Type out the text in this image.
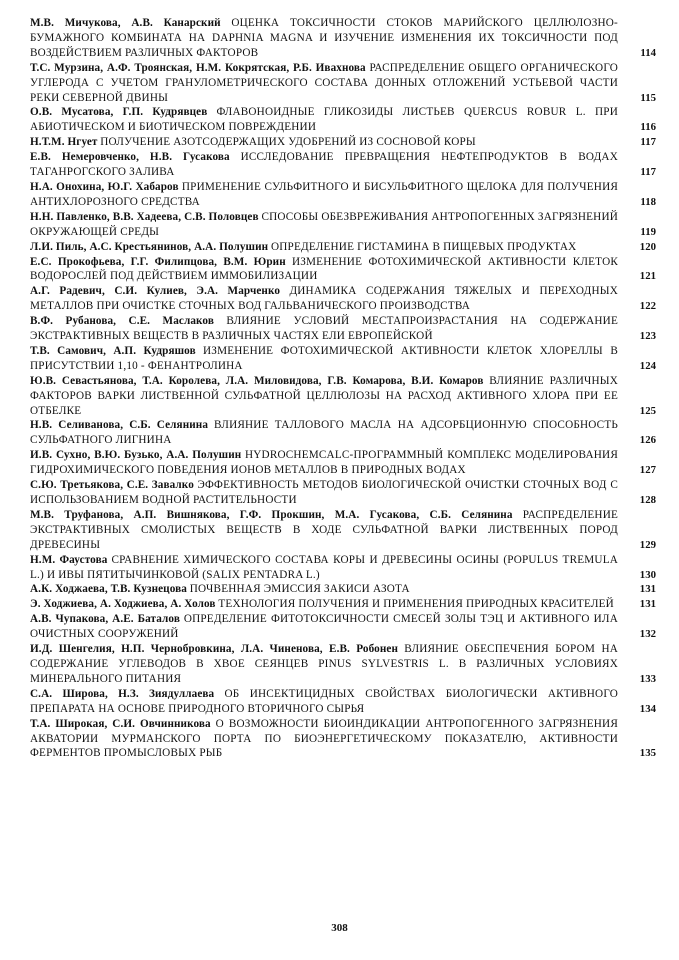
М.В. Мичукова, А.В. Канарский ОЦЕНКА ТОКСИЧНОСТИ СТОКОВ МАРИЙСКОГО ЦЕЛЛЮЛОЗНО-БУМАЖНОГО КОМБИНАТА НА DAPHNIA MAGNA И ИЗУЧЕНИЕ ИЗМЕНЕНИЯ ИХ ТОКСИЧНОСТИ ПОД ВОЗДЕЙСТВИЕМ РАЗЛИЧНЫХ ФАКТОРОВ	114
Т.С. Мурзина, А.Ф. Троянская, Н.М. Кокрятская, Р.Б. Ивахнова РАСПРЕДЕЛЕНИЕ ОБЩЕГО ОРГАНИЧЕСКОГО УГЛЕРОДА С УЧЕТОМ ГРАНУЛОМЕТРИЧЕСКОГО СОСТАВА ДОННЫХ ОТЛОЖЕНИЙ УСТЬЕВОЙ ЧАСТИ РЕКИ СЕВЕРНОЙ ДВИНЫ	115
О.В. Мусатова, Г.П. Кудрявцев ФЛАВОНОИДНЫЕ ГЛИКОЗИДЫ ЛИСТЬЕВ QUERCUS ROBUR L. ПРИ АБИОТИЧЕСКОМ И БИОТИЧЕСКОМ ПОВРЕЖДЕНИИ	116
Н.Т.М. Нгует ПОЛУЧЕНИЕ АЗОТСОДЕРЖАЩИХ УДОБРЕНИЙ ИЗ СОСНОВОЙ КОРЫ	117
Е.В. Немеровченко, Н.В. Гусакова ИССЛЕДОВАНИЕ ПРЕВРАЩЕНИЯ НЕФТЕПРОДУКТОВ В ВОДАХ ТАГАНРОГСКОГО ЗАЛИВА	117
Н.А. Онохина, Ю.Г. Хабаров ПРИМЕНЕНИЕ СУЛЬФИТНОГО И БИСУЛЬФИТНОГО ЩЕЛОКА ДЛЯ ПОЛУЧЕНИЯ АНТИХЛОРОЗНОГО СРЕДСТВА	118
Н.Н. Павленко, В.В. Хадеева, С.В. Половцев СПОСОБЫ ОБЕЗВРЕЖИВАНИЯ АНТРОПОГЕННЫХ ЗАГРЯЗНЕНИЙ ОКРУЖАЮЩЕЙ СРЕДЫ	119
Л.И. Пиль, А.С. Крестьянинов, А.А. Полушин ОПРЕДЕЛЕНИЕ ГИСТАМИНА В ПИЩЕВЫХ ПРОДУКТАХ	120
Е.С. Прокофьева, Г.Г. Филипцова, В.М. Юрин ИЗМЕНЕНИЕ ФОТОХИМИЧЕСКОЙ АКТИВНОСТИ КЛЕТОК ВОДОРОСЛЕЙ ПОД ДЕЙСТВИЕМ ИММОБИЛИЗАЦИИ	121
А.Г. Радевич, С.И. Кулиев, Э.А. Марченко ДИНАМИКА СОДЕРЖАНИЯ ТЯЖЕЛЫХ И ПЕРЕХОДНЫХ МЕТАЛЛОВ ПРИ ОЧИСТКЕ СТОЧНЫХ ВОД ГАЛЬВАНИЧЕСКОГО ПРОИЗВОДСТВА	122
В.Ф. Рубанова, С.Е. Маслаков ВЛИЯНИЕ УСЛОВИЙ МЕСТАПРОИЗРАСТАНИЯ НА СОДЕРЖАНИЕ ЭКСТРАКТИВНЫХ ВЕЩЕСТВ В РАЗЛИЧНЫХ ЧАСТЯХ ЕЛИ ЕВРОПЕЙСКОЙ	123
Т.В. Самович, А.П. Кудряшов ИЗМЕНЕНИЕ ФОТОХИМИЧЕСКОЙ АКТИВНОСТИ КЛЕТОК ХЛОРЕЛЛЫ В ПРИСУТСТВИИ 1,10 - ФЕНАНТРОЛИНА	124
Ю.В. Севастьянова, Т.А. Королева, Л.А. Миловидова, Г.В. Комарова, В.И. Комаров ВЛИЯНИЕ РАЗЛИЧНЫХ ФАКТОРОВ ВАРКИ ЛИСТВЕННОЙ СУЛЬФАТНОЙ ЦЕЛЛЮЛОЗЫ НА РАСХОД АКТИВНОГО ХЛОРА ПРИ ЕЕ ОТБЕЛКЕ	125
Н.В. Селиванова, С.Б. Селянина ВЛИЯНИЕ ТАЛЛОВОГО МАСЛА НА АДСОРБЦИОННУЮ СПОСОБНОСТЬ СУЛЬФАТНОГО ЛИГНИНА	126
И.В. Сухно, В.Ю. Бузько, А.А. Полушин HYDROCHEMCALC-ПРОГРАММНЫЙ КОМПЛЕКС МОДЕЛИРОВАНИЯ ГИДРОХИМИЧЕСКОГО ПОВЕДЕНИЯ ИОНОВ МЕТАЛЛОВ В ПРИРОДНЫХ ВОДАХ	127
С.Ю. Третьякова, С.Е. Завалко ЭФФЕКТИВНОСТЬ МЕТОДОВ БИОЛОГИЧЕСКОЙ ОЧИСТКИ СТОЧНЫХ ВОД С ИСПОЛЬЗОВАНИЕМ ВОДНОЙ РАСТИТЕЛЬНОСТИ	128
М.В. Труфанова, А.П. Вишнякова, Г.Ф. Прокшин, М.А. Гусакова, С.Б. Селянина РАСПРЕДЕЛЕНИЕ ЭКСТРАКТИВНЫХ СМОЛИСТЫХ ВЕЩЕСТВ В ХОДЕ СУЛЬФАТНОЙ ВАРКИ ЛИСТВЕННЫХ ПОРОД ДРЕВЕСИНЫ	129
Н.М. Фаустова СРАВНЕНИЕ ХИМИЧЕСКОГО СОСТАВА КОРЫ И ДРЕВЕСИНЫ ОСИНЫ (POPULUS TREMULA L.) И ИВЫ ПЯТИТЫЧИНКОВОЙ (SALIX PENTADRA L.)	130
А.К. Ходжаева, Т.В. Кузнецова ПОЧВЕННАЯ ЭМИССИЯ ЗАКИСИ АЗОТА	131
Э. Ходжиева, А. Ходжиева, А. Холов ТЕХНОЛОГИЯ ПОЛУЧЕНИЯ И ПРИМЕНЕНИЯ ПРИРОДНЫХ КРАСИТЕЛЕЙ	131
А.В. Чупакова, А.Е. Баталов ОПРЕДЕЛЕНИЕ ФИТОТОКСИЧНОСТИ СМЕСЕЙ ЗОЛЫ ТЭЦ И АКТИВНОГО ИЛА ОЧИСТНЫХ СООРУЖЕНИЙ	132
И.Д. Шенгелия, Н.П. Чернобровкина, Л.А. Чиненова, Е.В. Робонен ВЛИЯНИЕ ОБЕСПЕЧЕНИЯ БОРОМ НА СОДЕРЖАНИЕ УГЛЕВОДОВ В ХВОЕ СЕЯНЦЕВ PINUS SYLVESTRIS L. В РАЗЛИЧНЫХ УСЛОВИЯХ МИНЕРАЛЬНОГО ПИТАНИЯ	133
С.А. Широва, Н.З. Зиядуллаева ОБ ИНСЕКТИЦИДНЫХ СВОЙСТВАХ БИОЛОГИЧЕСКИ АКТИВНОГО ПРЕПАРАТА НА ОСНОВЕ ПРИРОДНОГО ВТОРИЧНОГО СЫРЬЯ	134
Т.А. Широкая, С.И. Овчинникова О ВОЗМОЖНОСТИ БИОИНДИКАЦИИ АНТРОПОГЕННОГО ЗАГРЯЗНЕНИЯ АКВАТОРИИ МУРМАНСКОГО ПОРТА ПО БИОЭНЕРГЕТИЧЕСКОМУ ПОКАЗАТЕЛЮ, АКТИВНОСТИ ФЕРМЕНТОВ ПРОМЫСЛОВЫХ РЫБ	135
308
